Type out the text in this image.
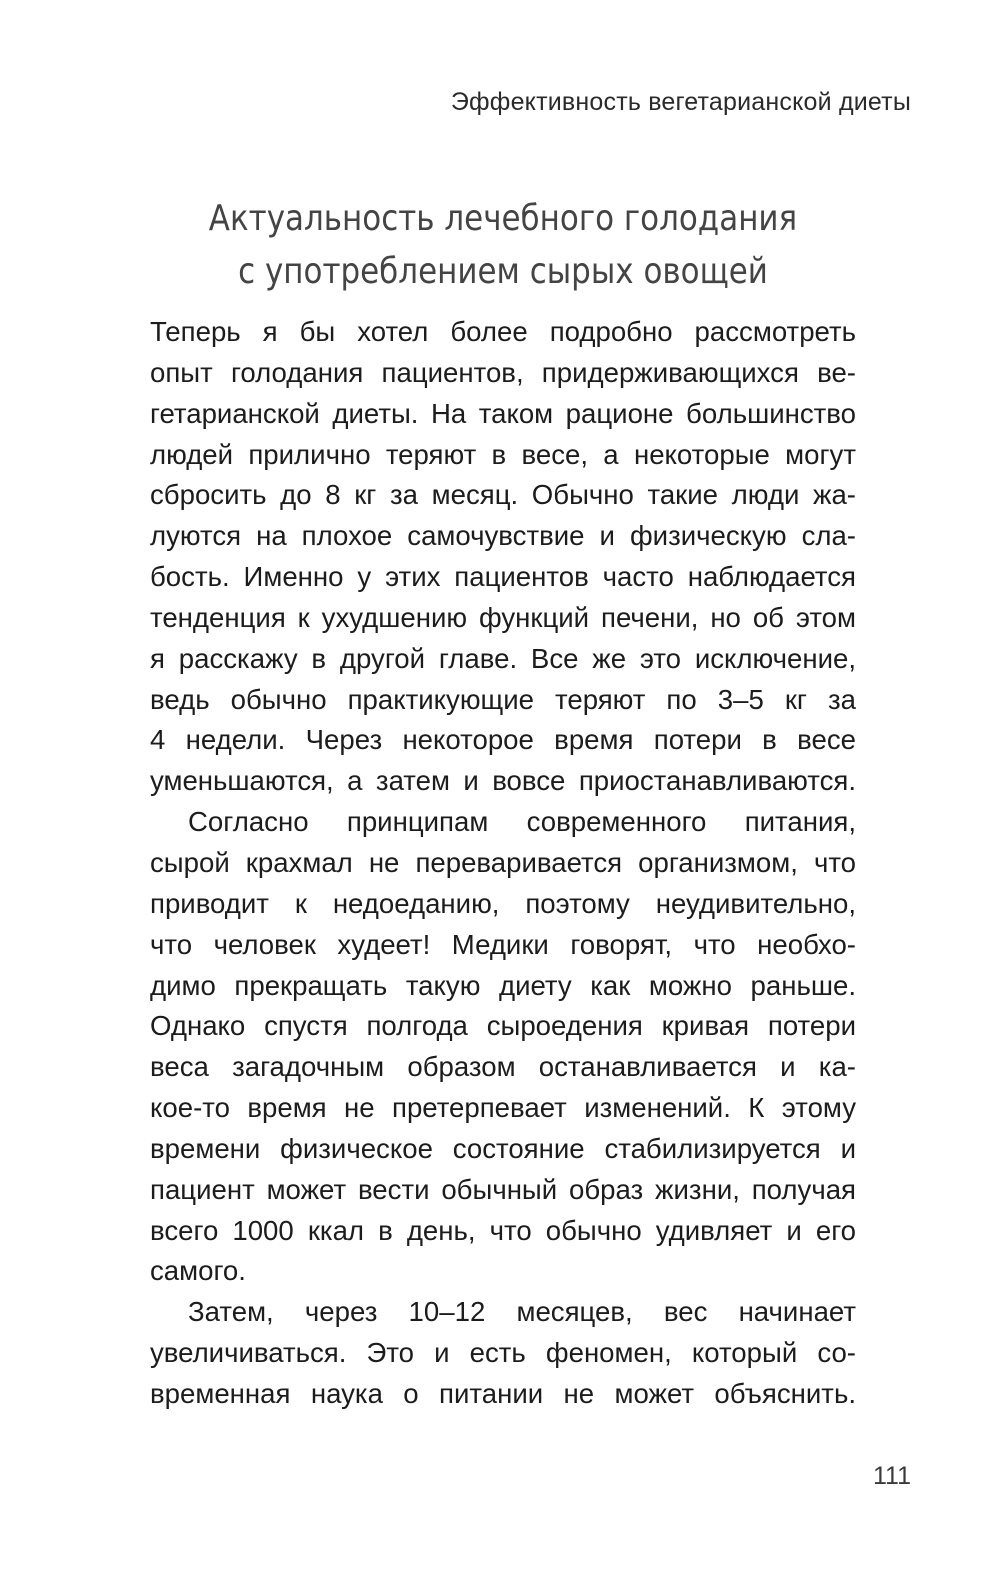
Эффективность вегетарианской диеты
Актуальность лечебного голодания
с употреблением сырых овощей
Теперь я бы хотел более подробно рассмотреть
опыт голодания пациентов, придерживающихся ве-
гетарианской диеты. На таком рационе большинство
людей прилично теряют в весе, а некоторые могут
сбросить до 8 кг за месяц. Обычно такие люди жа-
луются на плохое самочувствие и физическую сла-
бость. Именно у этих пациентов часто наблюдается
тенденция к ухудшению функций печени, но об этом
я расскажу в другой главе. Все же это исключение,
ведь обычно практикующие теряют по 3–5 кг за
4 недели. Через некоторое время потери в весе
уменьшаются, а затем и вовсе приостанавливаются.
Согласно принципам современного питания,
сырой крахмал не переваривается организмом, что
приводит к недоеданию, поэтому неудивительно,
что человек худеет! Медики говорят, что необхо-
димо прекращать такую диету как можно раньше.
Однако спустя полгода сыроедения кривая потери
веса загадочным образом останавливается и ка-
кое-то время не претерпевает изменений. К этому
времени физическое состояние стабилизируется и
пациент может вести обычный образ жизни, получая
всего 1000 ккал в день, что обычно удивляет и его
самого.
Затем, через 10–12 месяцев, вес начинает
увеличиваться. Это и есть феномен, который со-
временная наука о питании не может объяснить.
111
